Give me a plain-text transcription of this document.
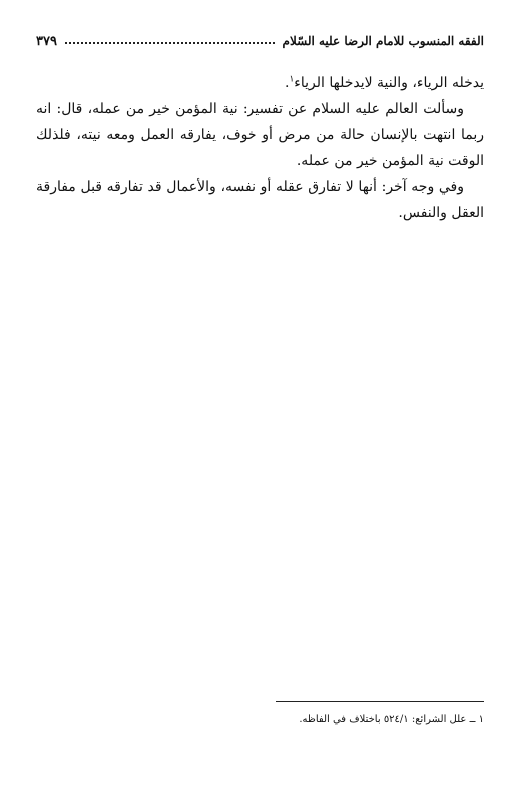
الفقه المنسوب للامام الرضا عليه السّلام
٣٧٩

يدخله الرياء، والنية لايدخلها الرياء$^١$.

وسألت العالم عليه السلام عن تفسير: نية المؤمن خير من عمله، قال: انه ربما انتهت بالإنسان حالة من مرض أو خوف، يفارقه العمل ومعه نيته، فلذلك الوقت نية المؤمن خير من عمله.

وفي وجه آخر: أنها لا تفارق عقله أو نفسه، والأعمال قد تفارقه قبل مفارقة العقل والنفس.

١ ــ علل الشرائع: ٥٢٤/١ باختلاف في الفاظه.
